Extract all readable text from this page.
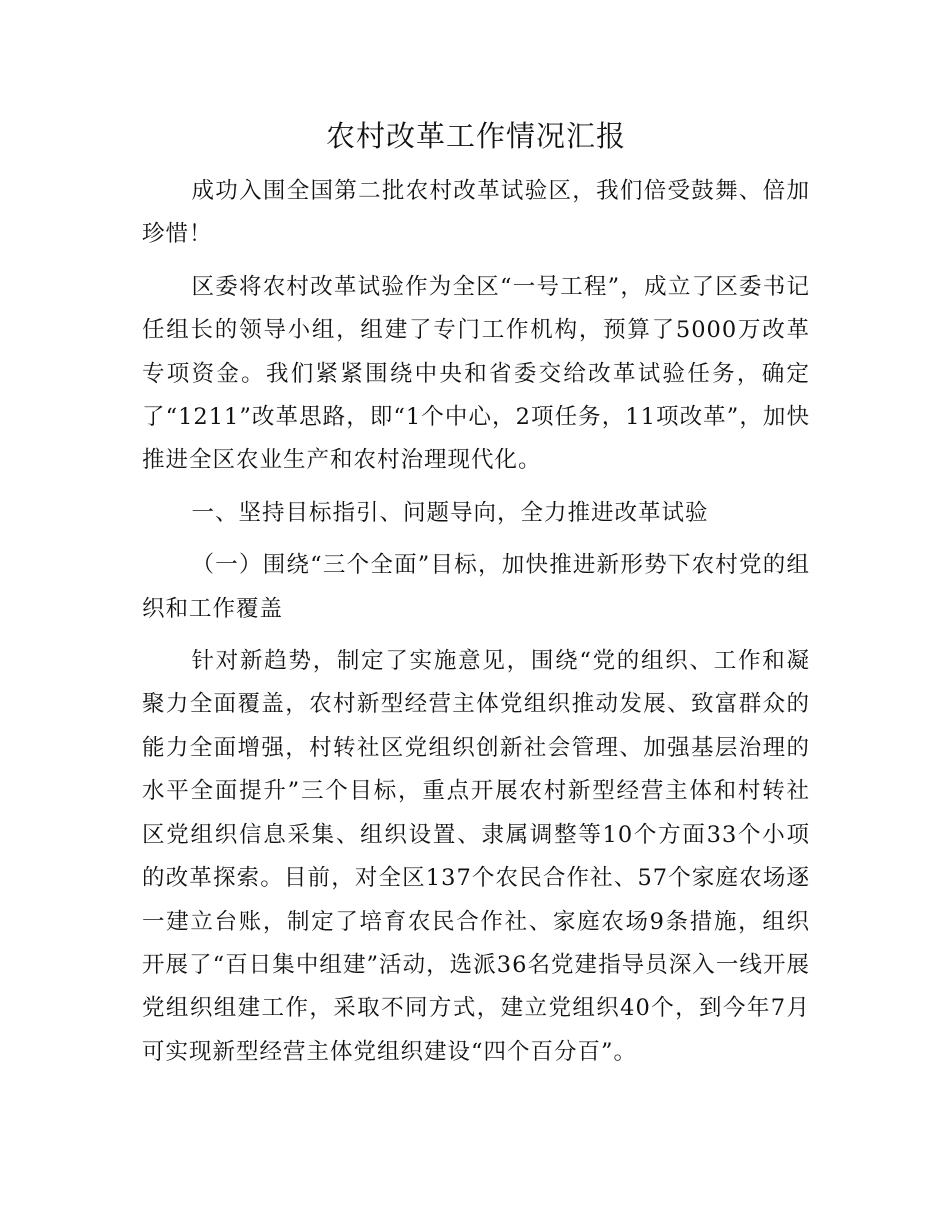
农村改革工作情况汇报

成功入围全国第二批农村改革试验区，我们倍受鼓舞、倍加珍惜！

区委将农村改革试验作为全区“一号工程”，成立了区委书记任组长的领导小组，组建了专门工作机构，预算了5000万改革专项资金。我们紧紧围绕中央和省委交给改革试验任务，确定了“1211”改革思路，即“1个中心，2项任务，11项改革”，加快推进全区农业生产和农村治理现代化。

一、坚持目标指引、问题导向，全力推进改革试验

（一）围绕“三个全面”目标，加快推进新形势下农村党的组织和工作覆盖

针对新趋势，制定了实施意见，围绕“党的组织、工作和凝聚力全面覆盖，农村新型经营主体党组织推动发展、致富群众的能力全面增强，村转社区党组织创新社会管理、加强基层治理的水平全面提升”三个目标，重点开展农村新型经营主体和村转社区党组织信息采集、组织设置、隶属调整等10个方面33个小项的改革探索。目前，对全区137个农民合作社、57个家庭农场逐一建立台账，制定了培育农民合作社、家庭农场9条措施，组织开展了“百日集中组建”活动，选派36名党建指导员深入一线开展党组织组建工作，采取不同方式，建立党组织40个，到今年7月可实现新型经营主体党组织建设“四个百分百”。
